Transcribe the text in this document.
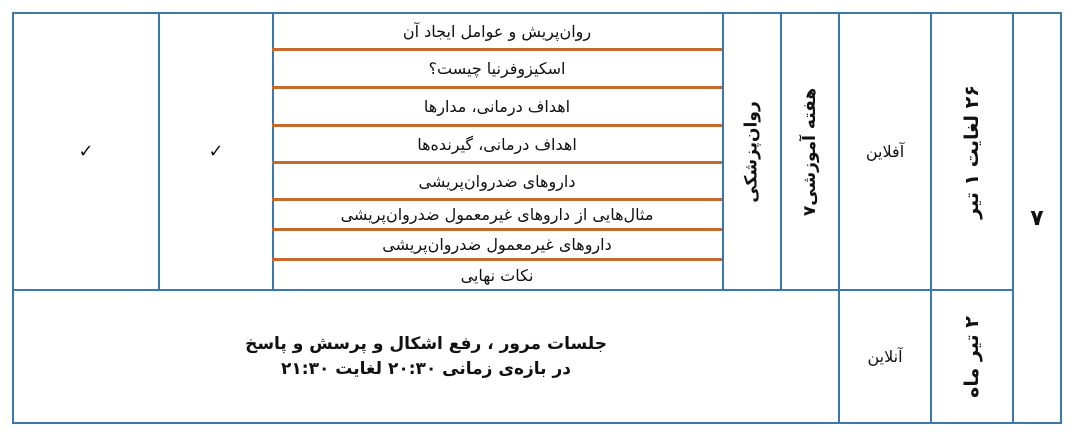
۷
۲۶ لغایت ۱ تیر
آفلاین
هفته آموزشی۷
روان‌پزشکی
روان‌پریش و عوامل ایجاد آن
اسکیزوفرنیا چیست؟
اهداف درمانی، مدارها
اهداف درمانی، گیرنده‌ها
داروهای ضدروان‌پریشی
مثال‌هایی از داروهای غیرمعمول ضدروان‌پریشی
داروهای غیرمعمول ضدروان‌پریشی
نکات نهایی
✓
✓
۲ تیر ماه
آنلاین
جلسات مرور ، رفع اشکال و پرسش و پاسخ
در بازه‌ی زمانی ۲۰:۳۰ لغایت ۲۱:۳۰
